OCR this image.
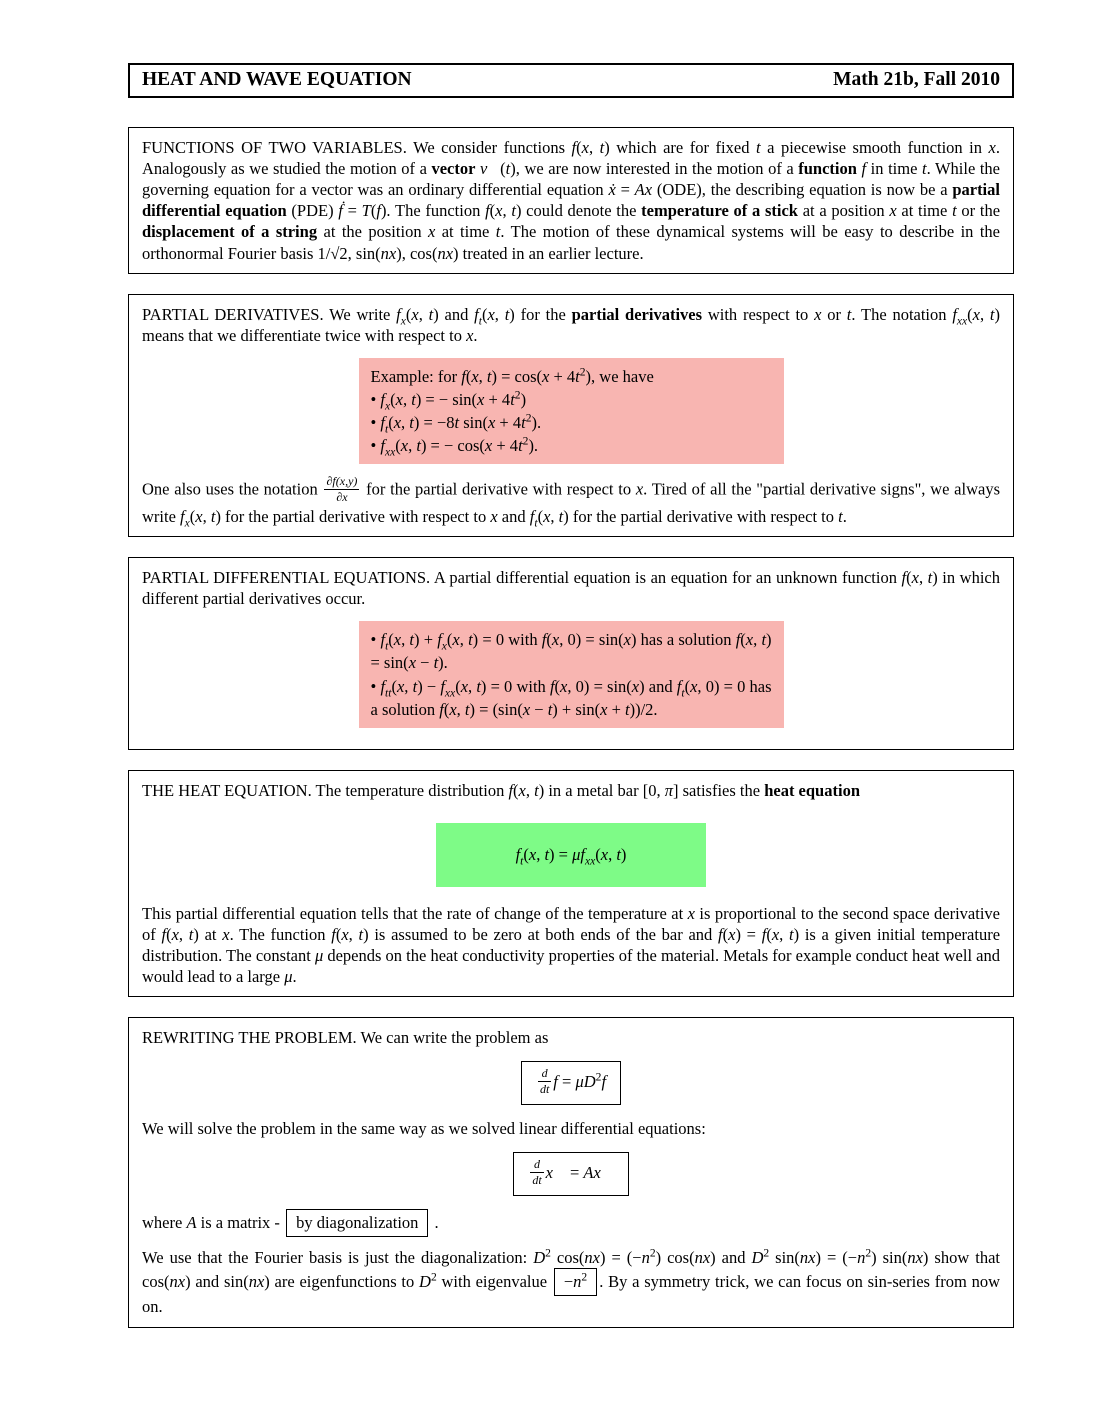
HEAT AND WAVE EQUATION	Math 21b, Fall 2010

FUNCTIONS OF TWO VARIABLES. We consider functions f(x, t) which are for fixed t a piecewise smooth function in x. Analogously as we studied the motion of a vector v⃗(t), we are now interested in the motion of a function f in time t. While the governing equation for a vector was an ordinary differential equation ẋ = Ax (ODE), the describing equation is now be a partial differential equation (PDE) ḟ = T(f). The function f(x, t) could denote the temperature of a stick at a position x at time t or the displacement of a string at the position x at time t. The motion of these dynamical systems will be easy to describe in the orthonormal Fourier basis 1/√2, sin(nx), cos(nx) treated in an earlier lecture.

PARTIAL DERIVATIVES. We write $f_x(x$, t) and $f_t(x$, t) for the partial derivatives with respect to x or t. The notation $f_{xx}(x$, t) means that we differentiate twice with respect to x.

Example: for f(x, $t) = \cos(x + 4t^2)$, we have
• $f_x(x$, t) = − $\sin(x + 4t^2)$
• $f_t(x$, t) = −8t $\sin(x + 4t^2)$.
• $f_{xx}(x$, t) = − $\cos(x + 4t^2)$.

One also uses the notation $\frac{\partial f(x,y)}{\partial x}$ for the partial derivative with respect to x. Tired of all the "partial derivative signs", we always write $f_x(x$, t) for the partial derivative with respect to x and $f_t(x$, t) for the partial derivative with respect to t.

PARTIAL DIFFERENTIAL EQUATIONS. A partial differential equation is an equation for an unknown function f(x, t) in which different partial derivatives occur.

• $f_t(x$, $t) + f_x(x$, t) = 0 with f(x, 0) = sin(x) has a solution f(x, t) = sin(x − t).
• $f_{tt}(x$, $t) - f_{xx}(x$, t) = 0 with f(x, 0) = sin(x) and $f_t(x$, 0) = 0 has a solution f(x, t) = (sin(x − t) + sin(x + t))/2.

THE HEAT EQUATION. The temperature distribution f(x, t) in a metal bar [0, π] satisfies the heat equation

$f_t(x$, $t) = \mu f_{xx}(x$, t)

This partial differential equation tells that the rate of change of the temperature at x is proportional to the second space derivative of f(x, t) at x. The function f(x, t) is assumed to be zero at both ends of the bar and f(x) = f(x, t) is a given initial temperature distribution. The constant μ depends on the heat conductivity properties of the material. Metals for example conduct heat well and would lead to a large μ.

REWRITING THE PROBLEM. We can write the problem as

$\frac{d}{dt}$ $f = \mu D^2f$

We will solve the problem in the same way as we solved linear differential equations:

$\frac{d}{dt}$ x⃗ = Ax⃗

where A is a matrix - by diagonalization .

We use that the Fourier basis is just the diagonalization: $D^2$ $\cos(nx) = (-n^2)$ cos(nx) and $D^2$ $\sin(nx) = (-n^2)$ sin(nx) show that cos(nx) and sin(nx) are eigenfunctions to $D^2$ with eigenvalue $-n^2$ . By a symmetry trick, we can focus on sin-series from now on.
